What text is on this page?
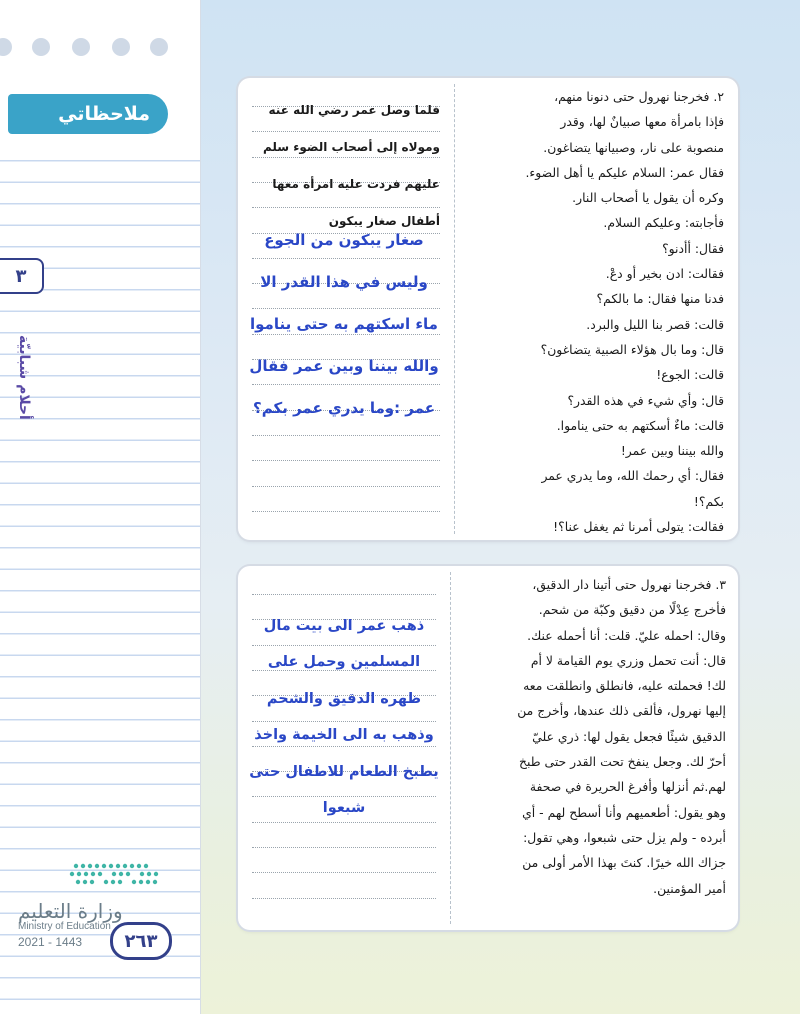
ملاحظاتي
٣
أحلام شبابيّة
وزارة التعليم
Ministry of Education
2021 - 1443 ٢٦٣

٢. فخرجنا نهرول حتى دنونا منهم،

فإذا بامرأة معها صبيانٌ لها، وقدر

منصوبة على نار، وصبيانها يتضاغون.

فقال عمر: السلام عليكم يا أهل الضوء.

وكره أن يقول يا أصحاب النار.

فأجابته: وعليكم السلام.

فقال: أأدنو؟

فقالت: ادن بخير أو دعْ.

فدنا منها فقال: ما بالكم؟

قالت: قصر بنا الليل والبرد.

قال: وما بال هؤلاء الصبية يتضاغون؟

قالت: الجوع!

قال: وأي شيء في هذه القدر؟

قالت: ماءٌ أسكتهم به حتى يناموا.

والله بيننا وبين عمر!

فقال: أي رحمك الله، وما يدري عمر

بكم؟!

فقالت: يتولى أمرنا ثم يغفل عنا؟!

فلما وصل عمر رضي الله عنه

ومولاه إلى أصحاب الضوء سلم

عليهم فردت عليه امرأة معها

أطفال صغار يبكون

صغار يبكون من الجوع

وليس في هذا القدر الا

ماء اسكتهم به حتى يناموا

والله بيننا وبين عمر فقال

عمر :وما يدري عمر بكم؟

٣. فخرجنا نهرول حتى أتينا دار الدقيق،

فأخرج عِدْلًا من دقيق وكبّة من شحم.

وقال: احمله عليّ. قلت: أنا أحمله عنك.

قال: أنت تحمل وزري يوم القيامة لا أم

لك! فحملته عليه، فانطلق وانطلقت معه

إليها نهرول، فألقى ذلك عندها، وأخرج من

الدقيق شيئًا فجعل يقول لها: ذري عليّ

أحرّ لك. وجعل ينفخ تحت القدر حتى طبخ

لهم.ثم أنزلها وأفرغ الحريرة في صحفة

وهو يقول: أطعميهم وأنا أسطح لهم - أي

أبرده - ولم يزل حتى شبعوا، وهي تقول:

جزاك الله خيرًا. كنتَ بهذا الأمر أولى من

أمير المؤمنين.

ذهب عمر الى بيت مال

المسلمين وحمل على

ظهره الدقيق والشحم

وذهب به الى الخيمة واخذ

يطبخ الطعام للاطفال حتى

شبعوا
